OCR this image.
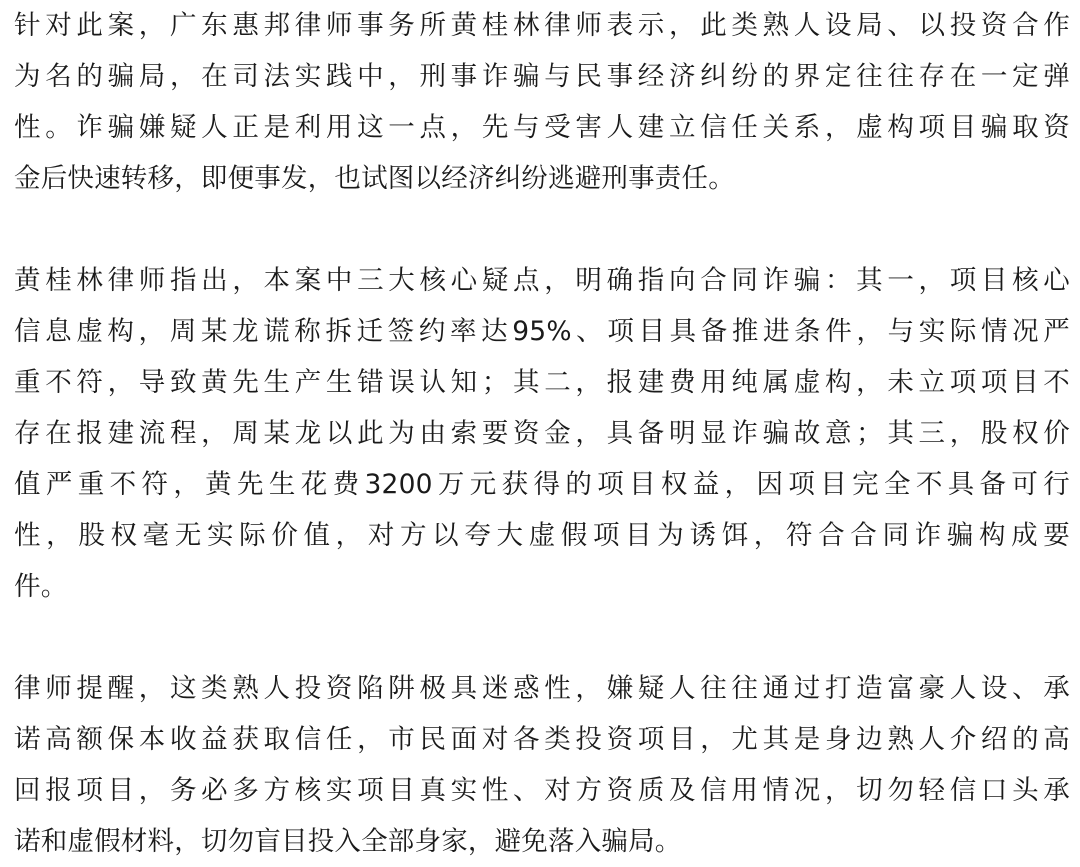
针对此案，广东惠邦律师事务所黄桂林律师表示，此类熟人设局、以投资合作
为名的骗局，在司法实践中，刑事诈骗与民事经济纠纷的界定往往存在一定弹
性。诈骗嫌疑人正是利用这一点，先与受害人建立信任关系，虚构项目骗取资
金后快速转移，即便事发，也试图以经济纠纷逃避刑事责任。

黄桂林律师指出，本案中三大核心疑点，明确指向合同诈骗：其一，项目核心
信息虚构，周某龙谎称拆迁签约率达95%、项目具备推进条件，与实际情况严
重不符，导致黄先生产生错误认知；其二，报建费用纯属虚构，未立项项目不
存在报建流程，周某龙以此为由索要资金，具备明显诈骗故意；其三，股权价
值严重不符，黄先生花费3200万元获得的项目权益，因项目完全不具备可行
性，股权毫无实际价值，对方以夸大虚假项目为诱饵，符合合同诈骗构成要
件。

律师提醒，这类熟人投资陷阱极具迷惑性，嫌疑人往往通过打造富豪人设、承
诺高额保本收益获取信任，市民面对各类投资项目，尤其是身边熟人介绍的高
回报项目，务必多方核实项目真实性、对方资质及信用情况，切勿轻信口头承
诺和虚假材料，切勿盲目投入全部身家，避免落入骗局。
